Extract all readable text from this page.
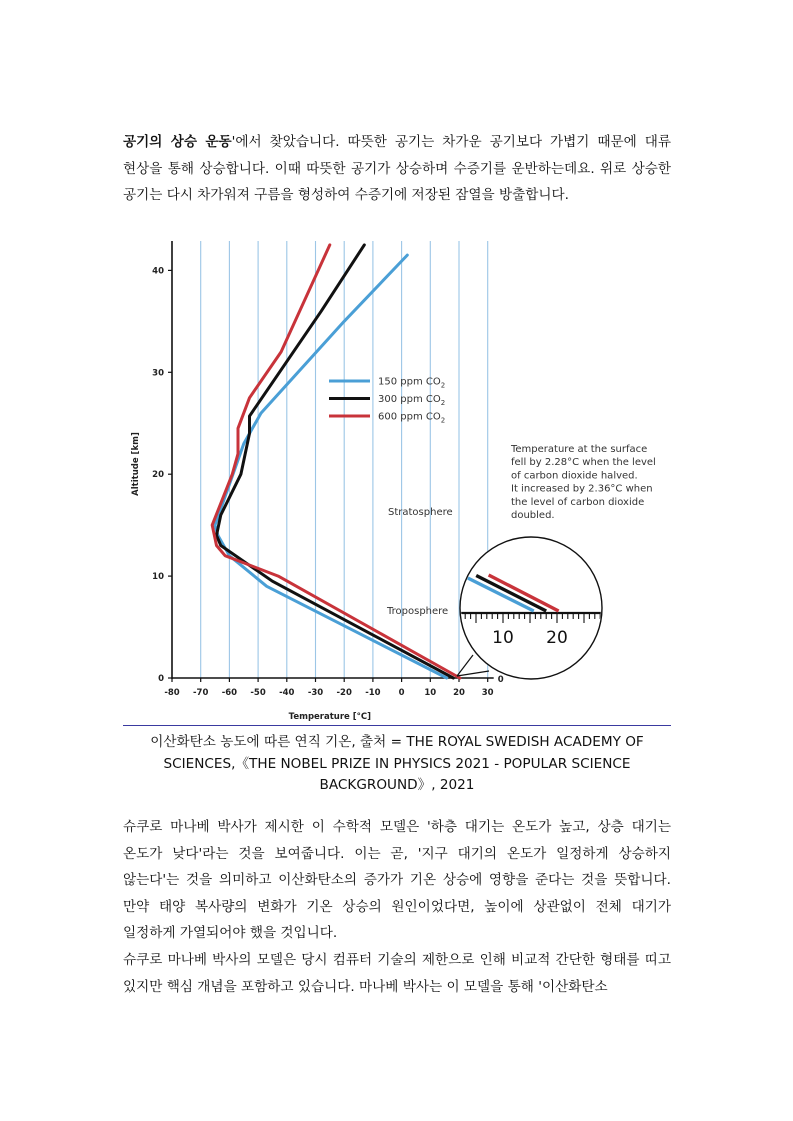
공기의 상승 운동'에서 찾았습니다. 따뜻한 공기는 차가운 공기보다 가볍기 때문에 대류 현상을 통해 상승합니다. 이때 따뜻한 공기가 상승하며 수증기를 운반하는데요. 위로 상승한 공기는 다시 차가워져 구름을 형성하여 수증기에 저장된 잠열을 방출합니다.

-80 -70 -60 -50 -40 -30 -20 -10 0 10 20 30
0
10
20
30
40
Temperature [°C]
Altitude [km]
150 ppm $CO_2$
300 ppm $CO_2$
600 ppm $CO_2$
Stratosphere
Troposphere
Temperature at the surface
fell by 2.28°C when the level
of carbon dioxide halved.
It increased by 2.36°C when
the level of carbon dioxide
doubled.
10 20
0

이산화탄소 농도에 따른 연직 기온, 출처 = THE ROYAL SWEDISH ACADEMY OF SCIENCES,《THE NOBEL PRIZE IN PHYSICS 2021 - POPULAR SCIENCE BACKGROUND》, 2021

슈쿠로 마나베 박사가 제시한 이 수학적 모델은 '하층 대기는 온도가 높고, 상층 대기는 온도가 낮다'라는 것을 보여줍니다. 이는 곧, '지구 대기의 온도가 일정하게 상승하지 않는다'는 것을 의미하고 이산화탄소의 증가가 기온 상승에 영향을 준다는 것을 뜻합니다. 만약 태양 복사량의 변화가 기온 상승의 원인이었다면, 높이에 상관없이 전체 대기가 일정하게 가열되어야 했을 것입니다.

슈쿠로 마나베 박사의 모델은 당시 컴퓨터 기술의 제한으로 인해 비교적 간단한 형태를 띠고 있지만 핵심 개념을 포함하고 있습니다. 마나베 박사는 이 모델을 통해 '이산화탄소
